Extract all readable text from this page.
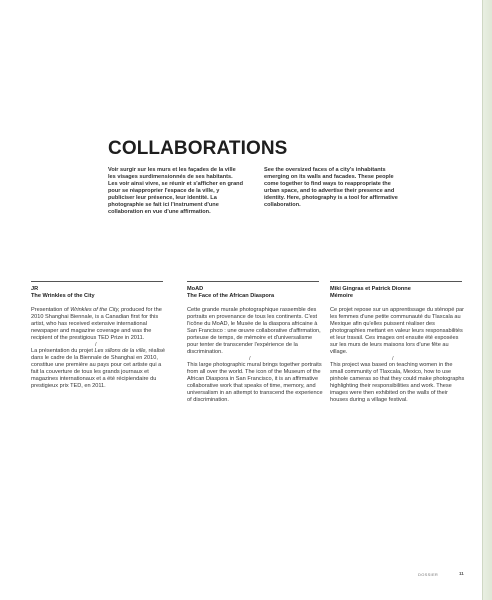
COLLABORATIONS

Voir surgir sur les murs et les façades de la ville les visages surdimensionnés de ses habitants. Les voir ainsi vivre, se réunir et s'afficher en grand pour se réapproprier l'espace de la ville, y publiciser leur présence, leur identité. La photographie se fait ici l'instrument d'une collaboration en vue d'une affirmation.

See the oversized faces of a city's inhabitants emerging on its walls and facades. These people come together to find ways to reappropriate the urban space, and to advertise their presence and identity. Here, photography is a tool for affirmative collaboration.

JR
The Wrinkles of the City

Presentation of Wrinkles of the City, produced for the 2010 Shanghai Biennale, is a Canadian first for this artist, who has received extensive international newspaper and magazine coverage and was the recipient of the prestigious TED Prize in 2011.

/

La présentation du projet Les sillons de la ville, réalisé dans le cadre de la Biennale de Shanghai en 2010, constitue une première au pays pour cet artiste qui a fait la couverture de tous les grands journaux et magazines internationaux et a été récipiendaire du prestigieux prix TED, en 2011.

MoAD
The Face of the African Diaspora

Cette grande murale photographique rassemble des portraits en provenance de tous les continents. C'est l'icône du MoAD, le Musée de la diaspora africaine à San Francisco : une œuvre collaborative d'affirmation, porteuse de temps, de mémoire et d'universalisme pour tenter de transcender l'expérience de la discrimination.

/

This large photographic mural brings together portraits from all over the world. The icon of the Museum of the African Diaspora in San Francisco, it is an affirmative collaborative work that speaks of time, memory, and universalism in an attempt to transcend the experience of discrimination.

Miki Gingras et Patrick Dionne
Mémoire

Ce projet repose sur un apprentissage du sténopé par les femmes d'une petite communauté du Tlaxcala au Mexique afin qu'elles puissent réaliser des photographies mettant en valeur leurs responsabilités et leur travail. Ces images ont ensuite été exposées sur les murs de leurs maisons lors d'une fête au village.

/

This project was based on teaching women in the small community of Tlaxcala, Mexico, how to use pinhole cameras so that they could make photographs highlighting their responsibilities and work. These images were then exhibited on the walls of their houses during a village festival.

DOSSIER	11
